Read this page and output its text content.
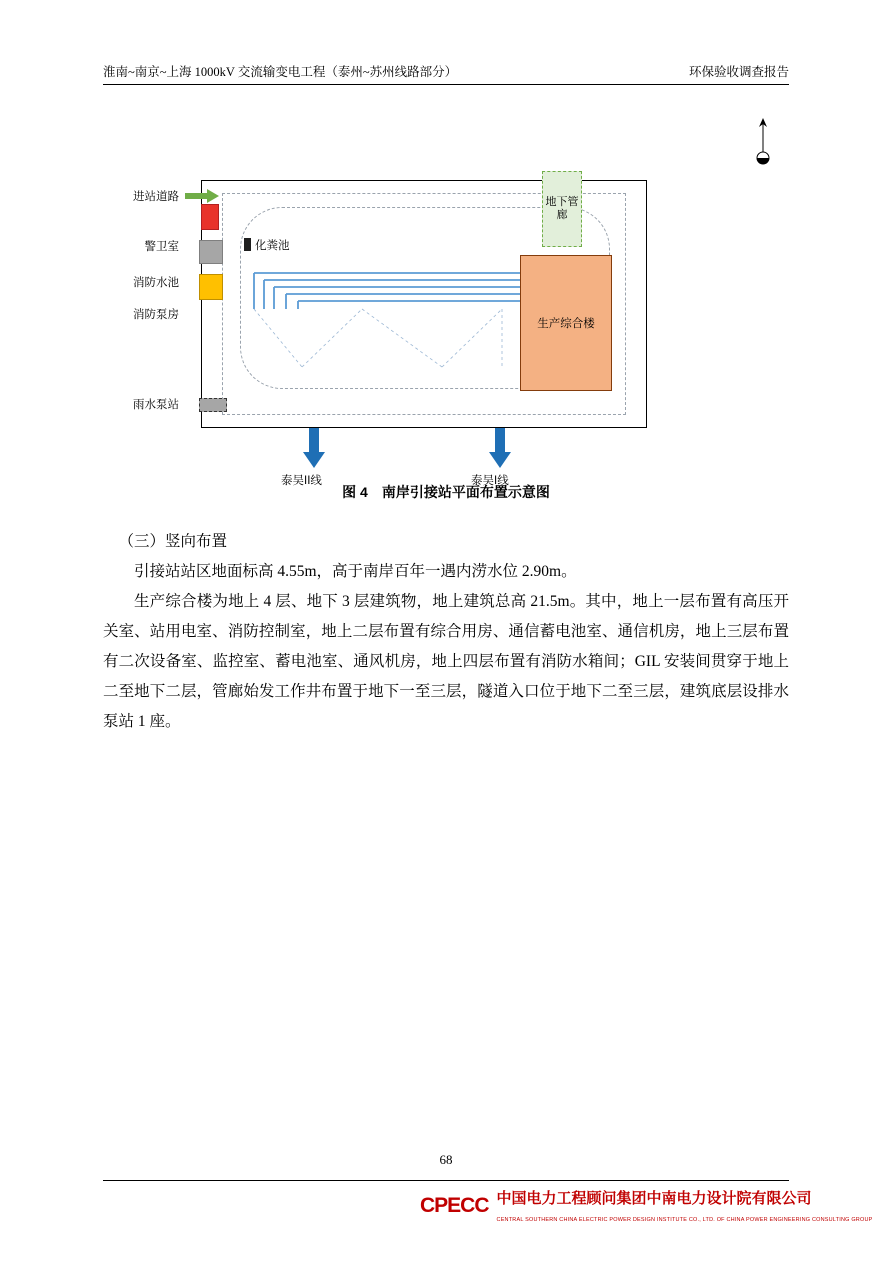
淮南~南京~上海 1000kV 交流输变电工程（泰州~苏州线路部分）	环保验收调查报告
化粪池
地下管廊
生产综合楼
进站道路
警卫室
消防水池
消防泵房
雨水泵站
泰吴II线	泰吴I线
图 4　南岸引接站平面布置示意图

（三）竖向布置

引接站站区地面标高 4.55m，高于南岸百年一遇内涝水位 2.90m。

生产综合楼为地上 4 层、地下 3 层建筑物，地上建筑总高 21.5m。其中，地上一层布置有高压开关室、站用电室、消防控制室，地上二层布置有综合用房、通信蓄电池室、通信机房，地上三层布置有二次设备室、监控室、蓄电池室、通风机房，地上四层布置有消防水箱间；GIL 安装间贯穿于地上二至地下二层，管廊始发工作井布置于地下一至三层，隧道入口位于地下二至三层，建筑底层设排水泵站 1 座。

68
CPECC 中国电力工程顾问集团中南电力设计院有限公司
CENTRAL SOUTHERN CHINA ELECTRIC POWER DESIGN INSTITUTE CO., LTD. OF CHINA POWER ENGINEERING CONSULTING GROUP
